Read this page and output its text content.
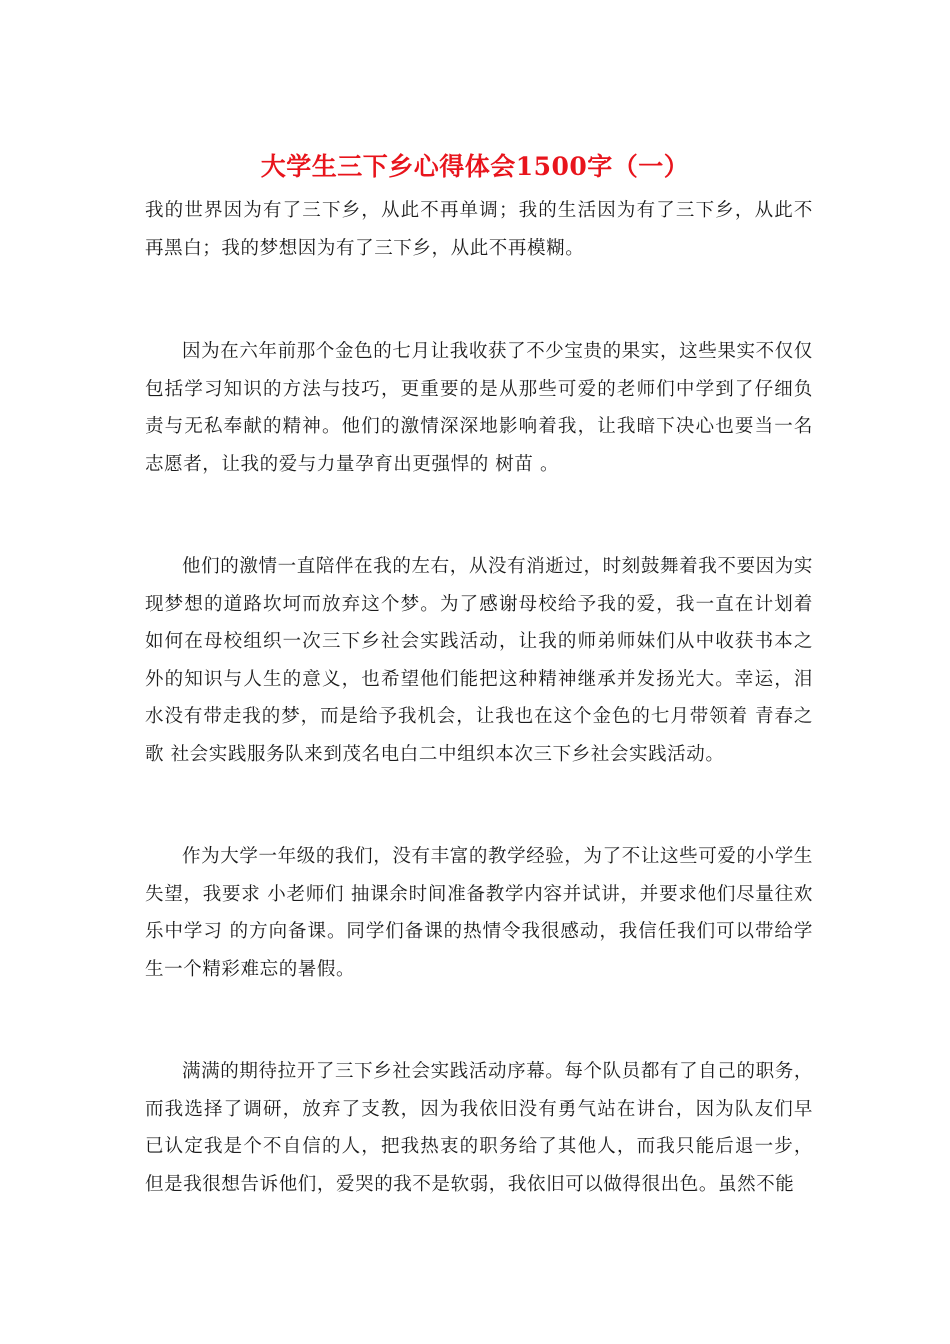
大学生三下乡心得体会1500字（一）

我的世界因为有了三下乡，从此不再单调；我的生活因为有了三下乡，从此不再黑白；我的梦想因为有了三下乡，从此不再模糊。

因为在六年前那个金色的七月让我收获了不少宝贵的果实，这些果实不仅仅包括学习知识的方法与技巧，更重要的是从那些可爱的老师们中学到了仔细负责与无私奉献的精神。他们的激情深深地影响着我，让我暗下决心也要当一名志愿者，让我的爱与力量孕育出更强悍的 树苗 。

他们的激情一直陪伴在我的左右，从没有消逝过，时刻鼓舞着我不要因为实现梦想的道路坎坷而放弃这个梦。为了感谢母校给予我的爱，我一直在计划着如何在母校组织一次三下乡社会实践活动，让我的师弟师妹们从中收获书本之外的知识与人生的意义，也希望他们能把这种精神继承并发扬光大。幸运，泪水没有带走我的梦，而是给予我机会，让我也在这个金色的七月带领着 青春之歌 社会实践服务队来到茂名电白二中组织本次三下乡社会实践活动。

作为大学一年级的我们，没有丰富的教学经验，为了不让这些可爱的小学生失望，我要求 小老师们 抽课余时间准备教学内容并试讲，并要求他们尽量往欢乐中学习 的方向备课。同学们备课的热情令我很感动，我信任我们可以带给学生一个精彩难忘的暑假。

满满的期待拉开了三下乡社会实践活动序幕。每个队员都有了自己的职务，而我选择了调研，放弃了支教，因为我依旧没有勇气站在讲台，因为队友们早已认定我是个不自信的人，把我热衷的职务给了其他人，而我只能后退一步，但是我很想告诉他们，爱哭的我不是软弱，我依旧可以做得很出色。虽然不能
